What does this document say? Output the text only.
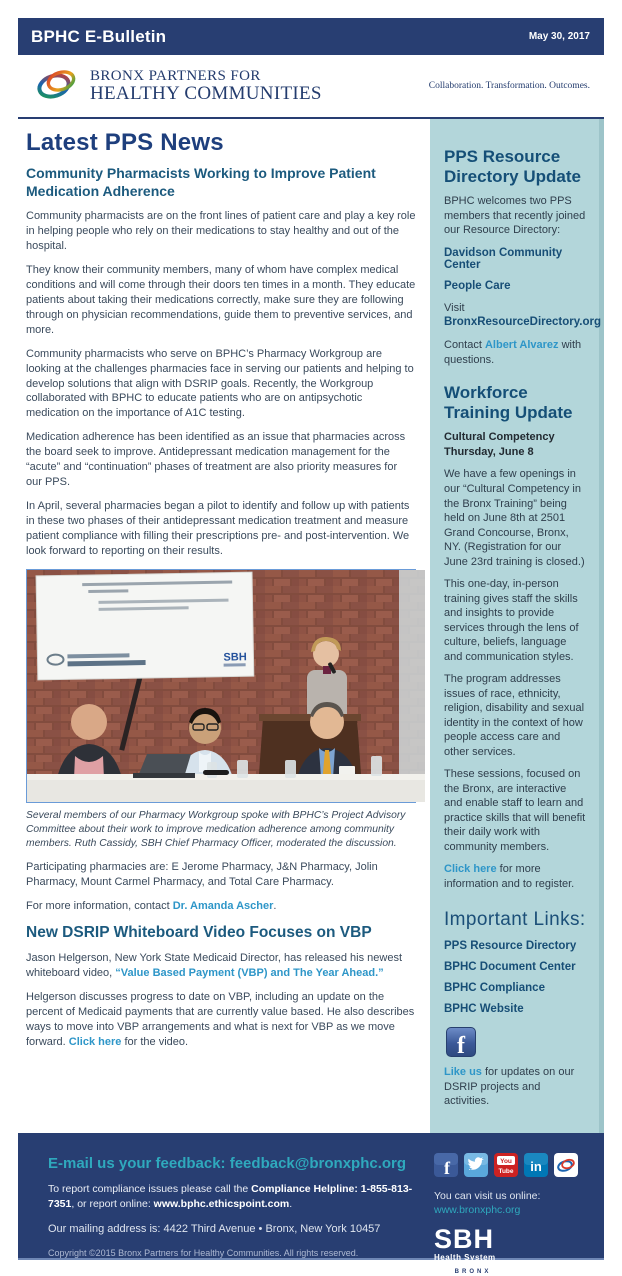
BPHC E-Bulletin	May 30, 2017
BRONX PARTNERS FOR
HEALTHY COMMUNITIES	Collaboration. Transformation. Outcomes.
Latest PPS News
Community Pharmacists Working to Improve Patient Medication Adherence

Community pharmacists are on the front lines of patient care and play a key role in helping people who rely on their medications to stay healthy and out of the hospital.

They know their community members, many of whom have complex medical conditions and will come through their doors ten times in a month. They educate patients about taking their medications correctly, make sure they are following through on physician recommendations, guide them to preventive services, and more.

Community pharmacists who serve on BPHC’s Pharmacy Workgroup are looking at the challenges pharmacies face in serving our patients and helping to develop solutions that align with DSRIP goals. Recently, the Workgroup collaborated with BPHC to educate patients who are on antipsychotic medication on the importance of A1C testing.

Medication adherence has been identified as an issue that pharmacies across the board seek to improve. Antidepressant medication management for the “acute” and “continuation” phases of treatment are also priority measures for our PPS.

In April, several pharmacies began a pilot to identify and follow up with patients in these two phases of their antidepressant medication treatment and measure patient compliance with filling their prescriptions pre- and post-intervention. We look forward to reporting on their results.

SBH

Several members of our Pharmacy Workgroup spoke with BPHC’s Project Advisory Committee about their work to improve medication adherence among community members. Ruth Cassidy, SBH Chief Pharmacy Officer, moderated the discussion.

Participating pharmacies are: E Jerome Pharmacy, J&N Pharmacy, Jolin Pharmacy, Mount Carmel Pharmacy, and Total Care Pharmacy.

For more information, contact Dr. Amanda Ascher.

New DSRIP Whiteboard Video Focuses on VBP

Jason Helgerson, New York State Medicaid Director, has released his newest whiteboard video, “Value Based Payment (VBP) and The Year Ahead.”

Helgerson discusses progress to date on VBP, including an update on the percent of Medicaid payments that are currently value based. He also describes ways to move into VBP arrangements and what is next for VBP as we move forward. Click here for the video.

PPS Resource Directory Update

BPHC welcomes two PPS members that recently joined our Resource Directory:

Davidson Community Center
People Care

Visit BronxResourceDirectory.org

Contact Albert Alvarez with questions.

Workforce Training Update

Cultural Competency
Thursday, June 8

We have a few openings in our “Cultural Competency in the Bronx Training” being held on June 8th at 2501 Grand Concourse, Bronx, NY. (Registration for our June 23rd training is closed.)

This one-day, in-person training gives staff the skills and insights to provide services through the lens of culture, beliefs, language and communication styles.

The program addresses issues of race, ethnicity, religion, disability and sexual identity in the context of how people access care and other services.

These sessions, focused on the Bronx, are interactive and enable staff to learn and practice skills that will benefit their daily work with community members.

Click here for more information and to register.

Important Links:
PPS Resource Directory
BPHC Document Center
BPHC Compliance
BPHC Website
f

Like us for updates on our DSRIP projects and activities.

E-mail us your feedback: feedback@bronxphc.org
To report compliance issues please call the Compliance Helpline: 1-855-813-7351, or report online: www.bphc.ethicspoint.com.
Our mailing address is: 4422 Third Avenue • Bronx, New York 10457
Copyright ©2015 Bronx Partners for Healthy Communities. All rights reserved.
f	You
Tube in
You can visit us online:
www.bronxphc.org
SBH
Health System
BRONX
